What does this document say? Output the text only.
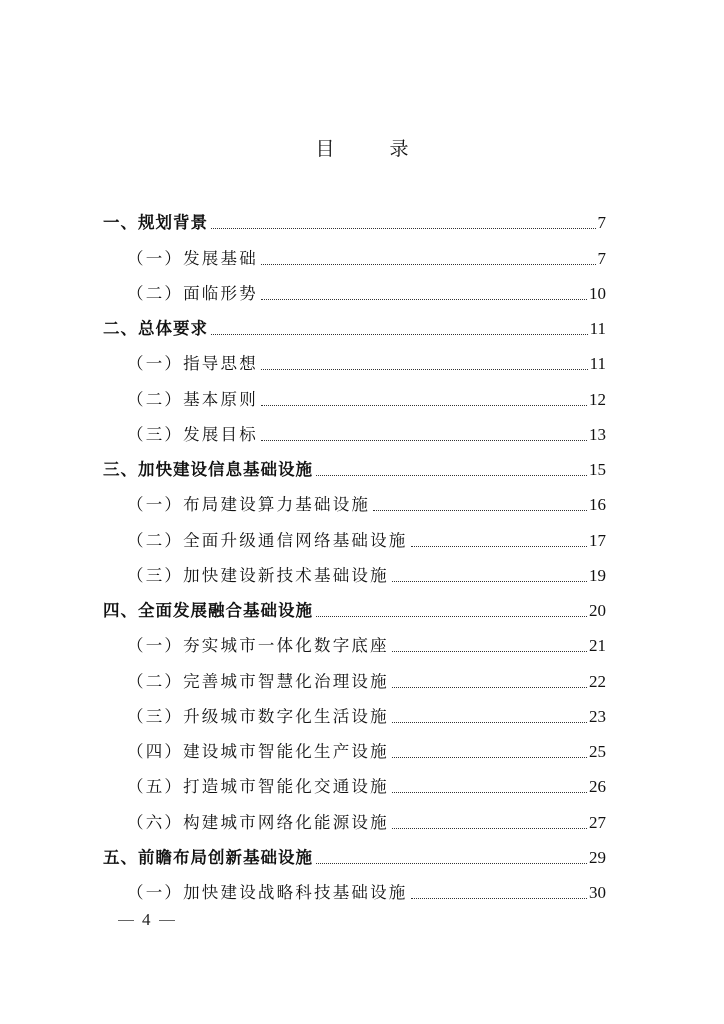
目　录
一、规划背景	7
（一）发展基础	7
（二）面临形势	10
二、总体要求	11
（一）指导思想	11
（二）基本原则	12
（三）发展目标	13
三、加快建设信息基础设施	15
（一）布局建设算力基础设施	16
（二）全面升级通信网络基础设施	17
（三）加快建设新技术基础设施	19
四、全面发展融合基础设施	20
（一）夯实城市一体化数字底座	21
（二）完善城市智慧化治理设施	22
（三）升级城市数字化生活设施	23
（四）建设城市智能化生产设施	25
（五）打造城市智能化交通设施	26
（六）构建城市网络化能源设施	27
五、前瞻布局创新基础设施	29
（一）加快建设战略科技基础设施	30
4
